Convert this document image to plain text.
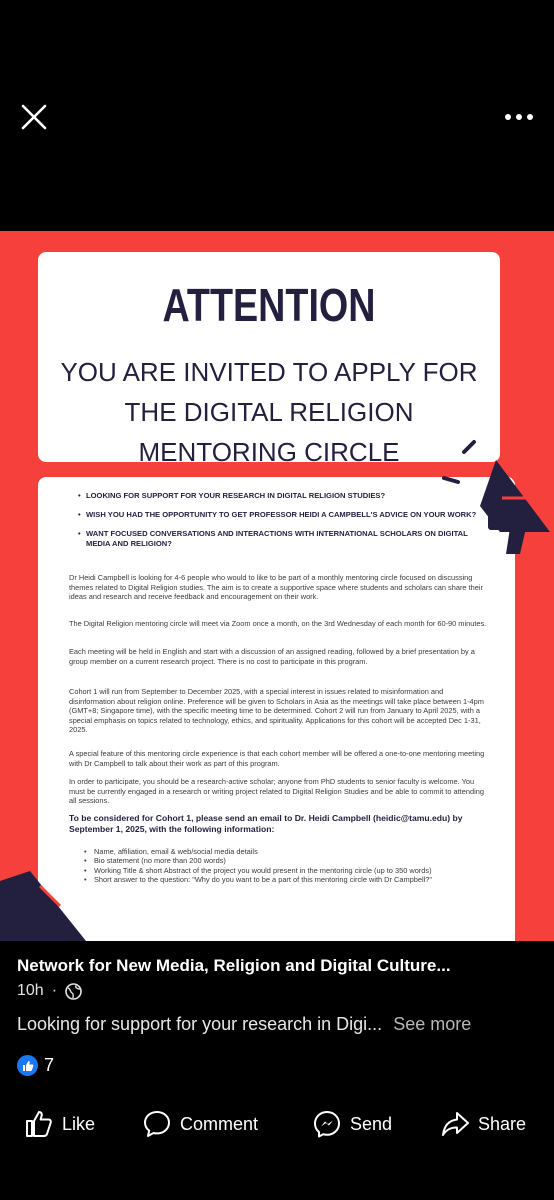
ATTENTION
YOU ARE INVITED TO APPLY FOR
THE DIGITAL RELIGION
MENTORING CIRCLE
• LOOKING FOR SUPPORT FOR YOUR RESEARCH IN DIGITAL RELIGION STUDIES?
• WISH YOU HAD THE OPPORTUNITY TO GET PROFESSOR HEIDI A CAMPBELL'S ADVICE ON YOUR WORK?
• WANT FOCUSED CONVERSATIONS AND INTERACTIONS WITH INTERNATIONAL SCHOLARS ON DIGITAL MEDIA AND RELIGION?

Dr Heidi Campbell is looking for 4-6 people who would to like to be part of a monthly mentoring circle focused on discussing themes related to Digital Religion studies. The aim is to create a supportive space where students and scholars can share their ideas and research and receive feedback and encouragement on their work.

The Digital Religion mentoring circle will meet via Zoom once a month, on the 3rd Wednesday of each month for 60-90 minutes.

Each meeting will be held in English and start with a discussion of an assigned reading, followed by a brief presentation by a group member on a current research project. There is no cost to participate in this program.

Cohort 1 will run from September to December 2025, with a special interest in issues related to misinformation and disinformation about religion online. Preference will be given to Scholars in Asia as the meetings will take place between 1-4pm (GMT+8; Singapore time), with the specific meeting time to be determined. Cohort 2 will run from January to April 2025, with a special emphasis on topics related to technology, ethics, and spirituality. Applications for this cohort will be accepted Dec 1-31, 2025.

A special feature of this mentoring circle experience is that each cohort member will be offered a one-to-one mentoring meeting with Dr Campbell to talk about their work as part of this program.

In order to participate, you should be a research-active scholar; anyone from PhD students to senior faculty is welcome. You must be currently engaged in a research or writing project related to Digital Religion Studies and be able to commit to attending all sessions.

To be considered for Cohort 1, please send an email to Dr. Heidi Campbell (heidic@tamu.edu) by September 1, 2025, with the following information:

• Name, affiliation, email & web/social media details
• Bio statement (no more than 200 words)
• Working Title & short Abstract of the project you would present in the mentoring circle (up to 350 words)
• Short answer to the question: "Why do you want to be a part of this mentoring circle with Dr Campbell?"
Network for New Media, Religion and Digital Culture...
10h ·
Looking for support for your research in Digi... See more
7
Like	Comment	Send	Share
